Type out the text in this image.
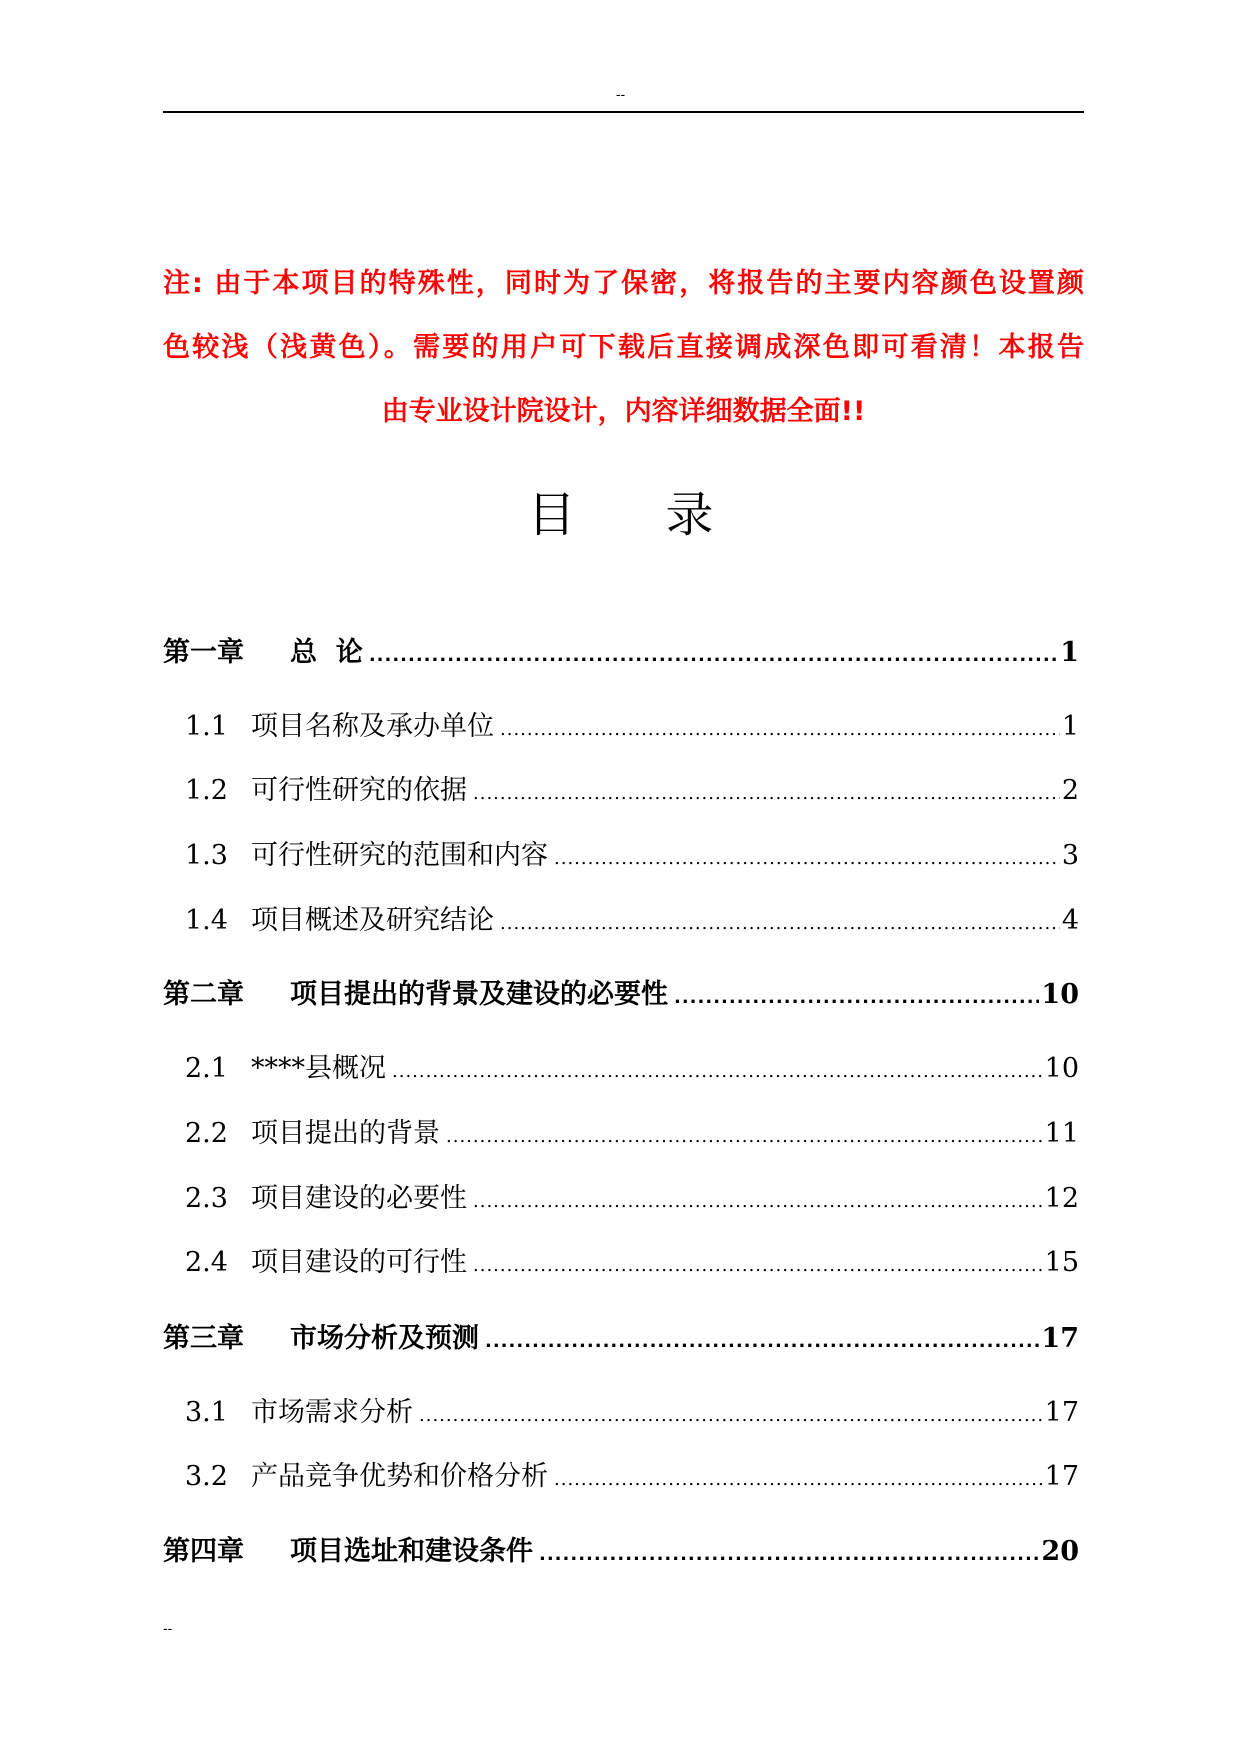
--
注: 由于本项目的特殊性，同时为了保密，将报告的主要内容颜色设置颜
色较浅（浅黄色）。需要的用户可下载后直接调成深色即可看清！本报告
由专业设计院设计，内容详细数据全面!!
目录
第一章	总  论 .....	1
1.1 项目名称及承办单位 .....	1
1.2 可行性研究的依据 .....	2
1.3 可行性研究的范围和内容 .....	3
1.4 项目概述及研究结论 .....	4
第二章	项目提出的背景及建设的必要性 .....	10
2.1 ****县概况 .....	10
2.2 项目提出的背景 .....	11
2.3 项目建设的必要性 .....	12
2.4 项目建设的可行性 .....	15
第三章	市场分析及预测 .....	17
3.1 市场需求分析 .....	17
3.2 产品竞争优势和价格分析 .....	17
第四章	项目选址和建设条件 .....	20
--
